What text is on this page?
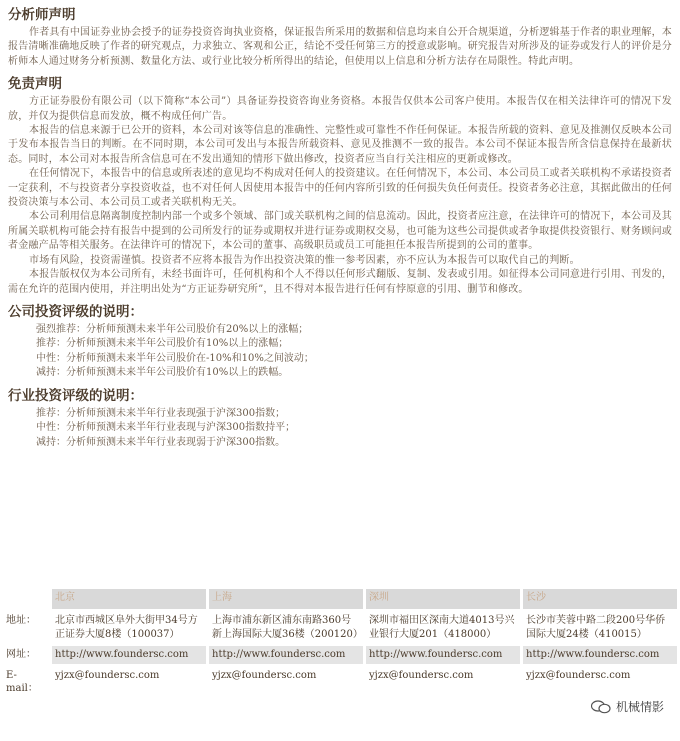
分析师声明

作者具有中国证券业协会授予的证券投资咨询执业资格，保证报告所采用的数据和信息均来自公开合规渠道，分析逻辑基于作者的职业理解，本报告清晰准确地反映了作者的研究观点，力求独立、客观和公正，结论不受任何第三方的授意或影响。研究报告对所涉及的证券或发行人的评价是分析师本人通过财务分析预测、数量化方法、或行业比较分析所得出的结论，但使用以上信息和分析方法存在局限性。特此声明。

免责声明

方正证券股份有限公司（以下简称“本公司”）具备证券投资咨询业务资格。本报告仅供本公司客户使用。本报告仅在相关法律许可的情况下发放，并仅为提供信息而发放，概不构成任何广告。

本报告的信息来源于已公开的资料，本公司对该等信息的准确性、完整性或可靠性不作任何保证。本报告所载的资料、意见及推测仅反映本公司于发布本报告当日的判断。在不同时期，本公司可发出与本报告所载资料、意见及推测不一致的报告。本公司不保证本报告所含信息保持在最新状态。同时，本公司对本报告所含信息可在不发出通知的情形下做出修改，投资者应当自行关注相应的更新或修改。

在任何情况下，本报告中的信息或所表述的意见均不构成对任何人的投资建议。在任何情况下，本公司、本公司员工或者关联机构不承诺投资者一定获利，不与投资者分享投资收益，也不对任何人因使用本报告中的任何内容所引致的任何损失负任何责任。投资者务必注意，其据此做出的任何投资决策与本公司、本公司员工或者关联机构无关。

本公司利用信息隔离制度控制内部一个或多个领域、部门或关联机构之间的信息流动。因此，投资者应注意，在法律许可的情况下，本公司及其所属关联机构可能会持有报告中提到的公司所发行的证券或期权并进行证券或期权交易，也可能为这些公司提供或者争取提供投资银行、财务顾问或者金融产品等相关服务。在法律许可的情况下，本公司的董事、高级职员或员工可能担任本报告所提到的公司的董事。

市场有风险，投资需谨慎。投资者不应将本报告为作出投资决策的惟一参考因素，亦不应认为本报告可以取代自己的判断。

本报告版权仅为本公司所有，未经书面许可，任何机构和个人不得以任何形式翻版、复制、发表或引用。如征得本公司同意进行引用、刊发的，需在允许的范围内使用，并注明出处为“方正证券研究所”，且不得对本报告进行任何有悖原意的引用、删节和修改。

公司投资评级的说明：
强烈推荐：分析师预测未来半年公司股价有20%以上的涨幅；
推荐：分析师预测未来半年公司股价有10%以上的涨幅；
中性：分析师预测未来半年公司股价在-10%和10%之间波动；
减持：分析师预测未来半年公司股价有10%以上的跌幅。
行业投资评级的说明：
推荐：分析师预测未来半年行业表现强于沪深300指数；
中性：分析师预测未来半年行业表现与沪深300指数持平；
减持：分析师预测未来半年行业表现弱于沪深300指数。
	北京	上海	深圳	长沙
地址：	北京市西城区阜外大街甲34号方正证券大厦8楼（100037）	上海市浦东新区浦东南路360号新上海国际大厦36楼（200120）	深圳市福田区深南大道4013号兴业银行大厦201（418000）	长沙市芙蓉中路二段200号华侨国际大厦24楼（410015）
网址：	http://www.foundersc.com	http://www.foundersc.com	http://www.foundersc.com	http://www.foundersc.com
E-mail：	yjzx@foundersc.com	yjzx@foundersc.com	yjzx@foundersc.com	yjzx@foundersc.com
机械情影
